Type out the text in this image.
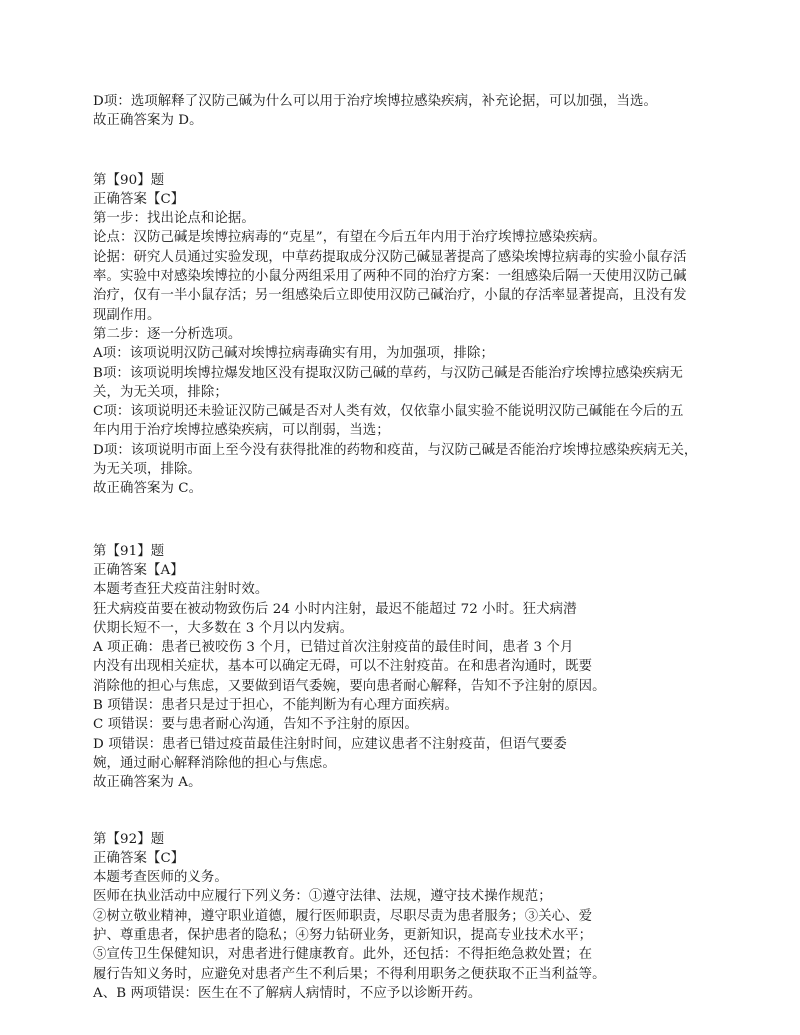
D项：选项解释了汉防己碱为什么可以用于治疗埃博拉感染疾病，补充论据，可以加强，当选。
故正确答案为 D。
第【90】题
正确答案【C】
第一步：找出论点和论据。
论点：汉防己碱是埃博拉病毒的“克星”，有望在今后五年内用于治疗埃博拉感染疾病。
论据：研究人员通过实验发现，中草药提取成分汉防己碱显著提高了感染埃博拉病毒的实验小鼠存活
率。实验中对感染埃博拉的小鼠分两组采用了两种不同的治疗方案：一组感染后隔一天使用汉防己碱
治疗，仅有一半小鼠存活；另一组感染后立即使用汉防己碱治疗，小鼠的存活率显著提高，且没有发
现副作用。
第二步：逐一分析选项。
A项：该项说明汉防己碱对埃博拉病毒确实有用，为加强项，排除；
B项：该项说明埃博拉爆发地区没有提取汉防己碱的草药，与汉防己碱是否能治疗埃博拉感染疾病无
关，为无关项，排除；
C项：该项说明还未验证汉防己碱是否对人类有效，仅依靠小鼠实验不能说明汉防己碱能在今后的五
年内用于治疗埃博拉感染疾病，可以削弱，当选；
D项：该项说明市面上至今没有获得批准的药物和疫苗，与汉防己碱是否能治疗埃博拉感染疾病无关，
为无关项，排除。
故正确答案为 C。
第【91】题
正确答案【A】
本题考查狂犬疫苗注射时效。
狂犬病疫苗要在被动物致伤后 24 小时内注射，最迟不能超过 72 小时。狂犬病潜
伏期长短不一，大多数在 3 个月以内发病。
A 项正确：患者已被咬伤 3 个月，已错过首次注射疫苗的最佳时间，患者 3 个月
内没有出现相关症状，基本可以确定无碍，可以不注射疫苗。在和患者沟通时，既要
消除他的担心与焦虑，又要做到语气委婉，要向患者耐心解释，告知不予注射的原因。
B 项错误：患者只是过于担心，不能判断为有心理方面疾病。
C 项错误：要与患者耐心沟通，告知不予注射的原因。
D 项错误：患者已错过疫苗最佳注射时间，应建议患者不注射疫苗，但语气要委
婉，通过耐心解释消除他的担心与焦虑。
故正确答案为 A。
第【92】题
正确答案【C】
本题考查医师的义务。
医师在执业活动中应履行下列义务：①遵守法律、法规，遵守技术操作规范；
②树立敬业精神，遵守职业道德，履行医师职责，尽职尽责为患者服务；③关心、爱
护、尊重患者，保护患者的隐私；④努力钻研业务，更新知识，提高专业技术水平；
⑤宣传卫生保健知识，对患者进行健康教育。此外，还包括：不得拒绝急救处置；在
履行告知义务时，应避免对患者产生不利后果；不得利用职务之便获取不正当利益等。
A、B 两项错误：医生在不了解病人病情时，不应予以诊断开药。
